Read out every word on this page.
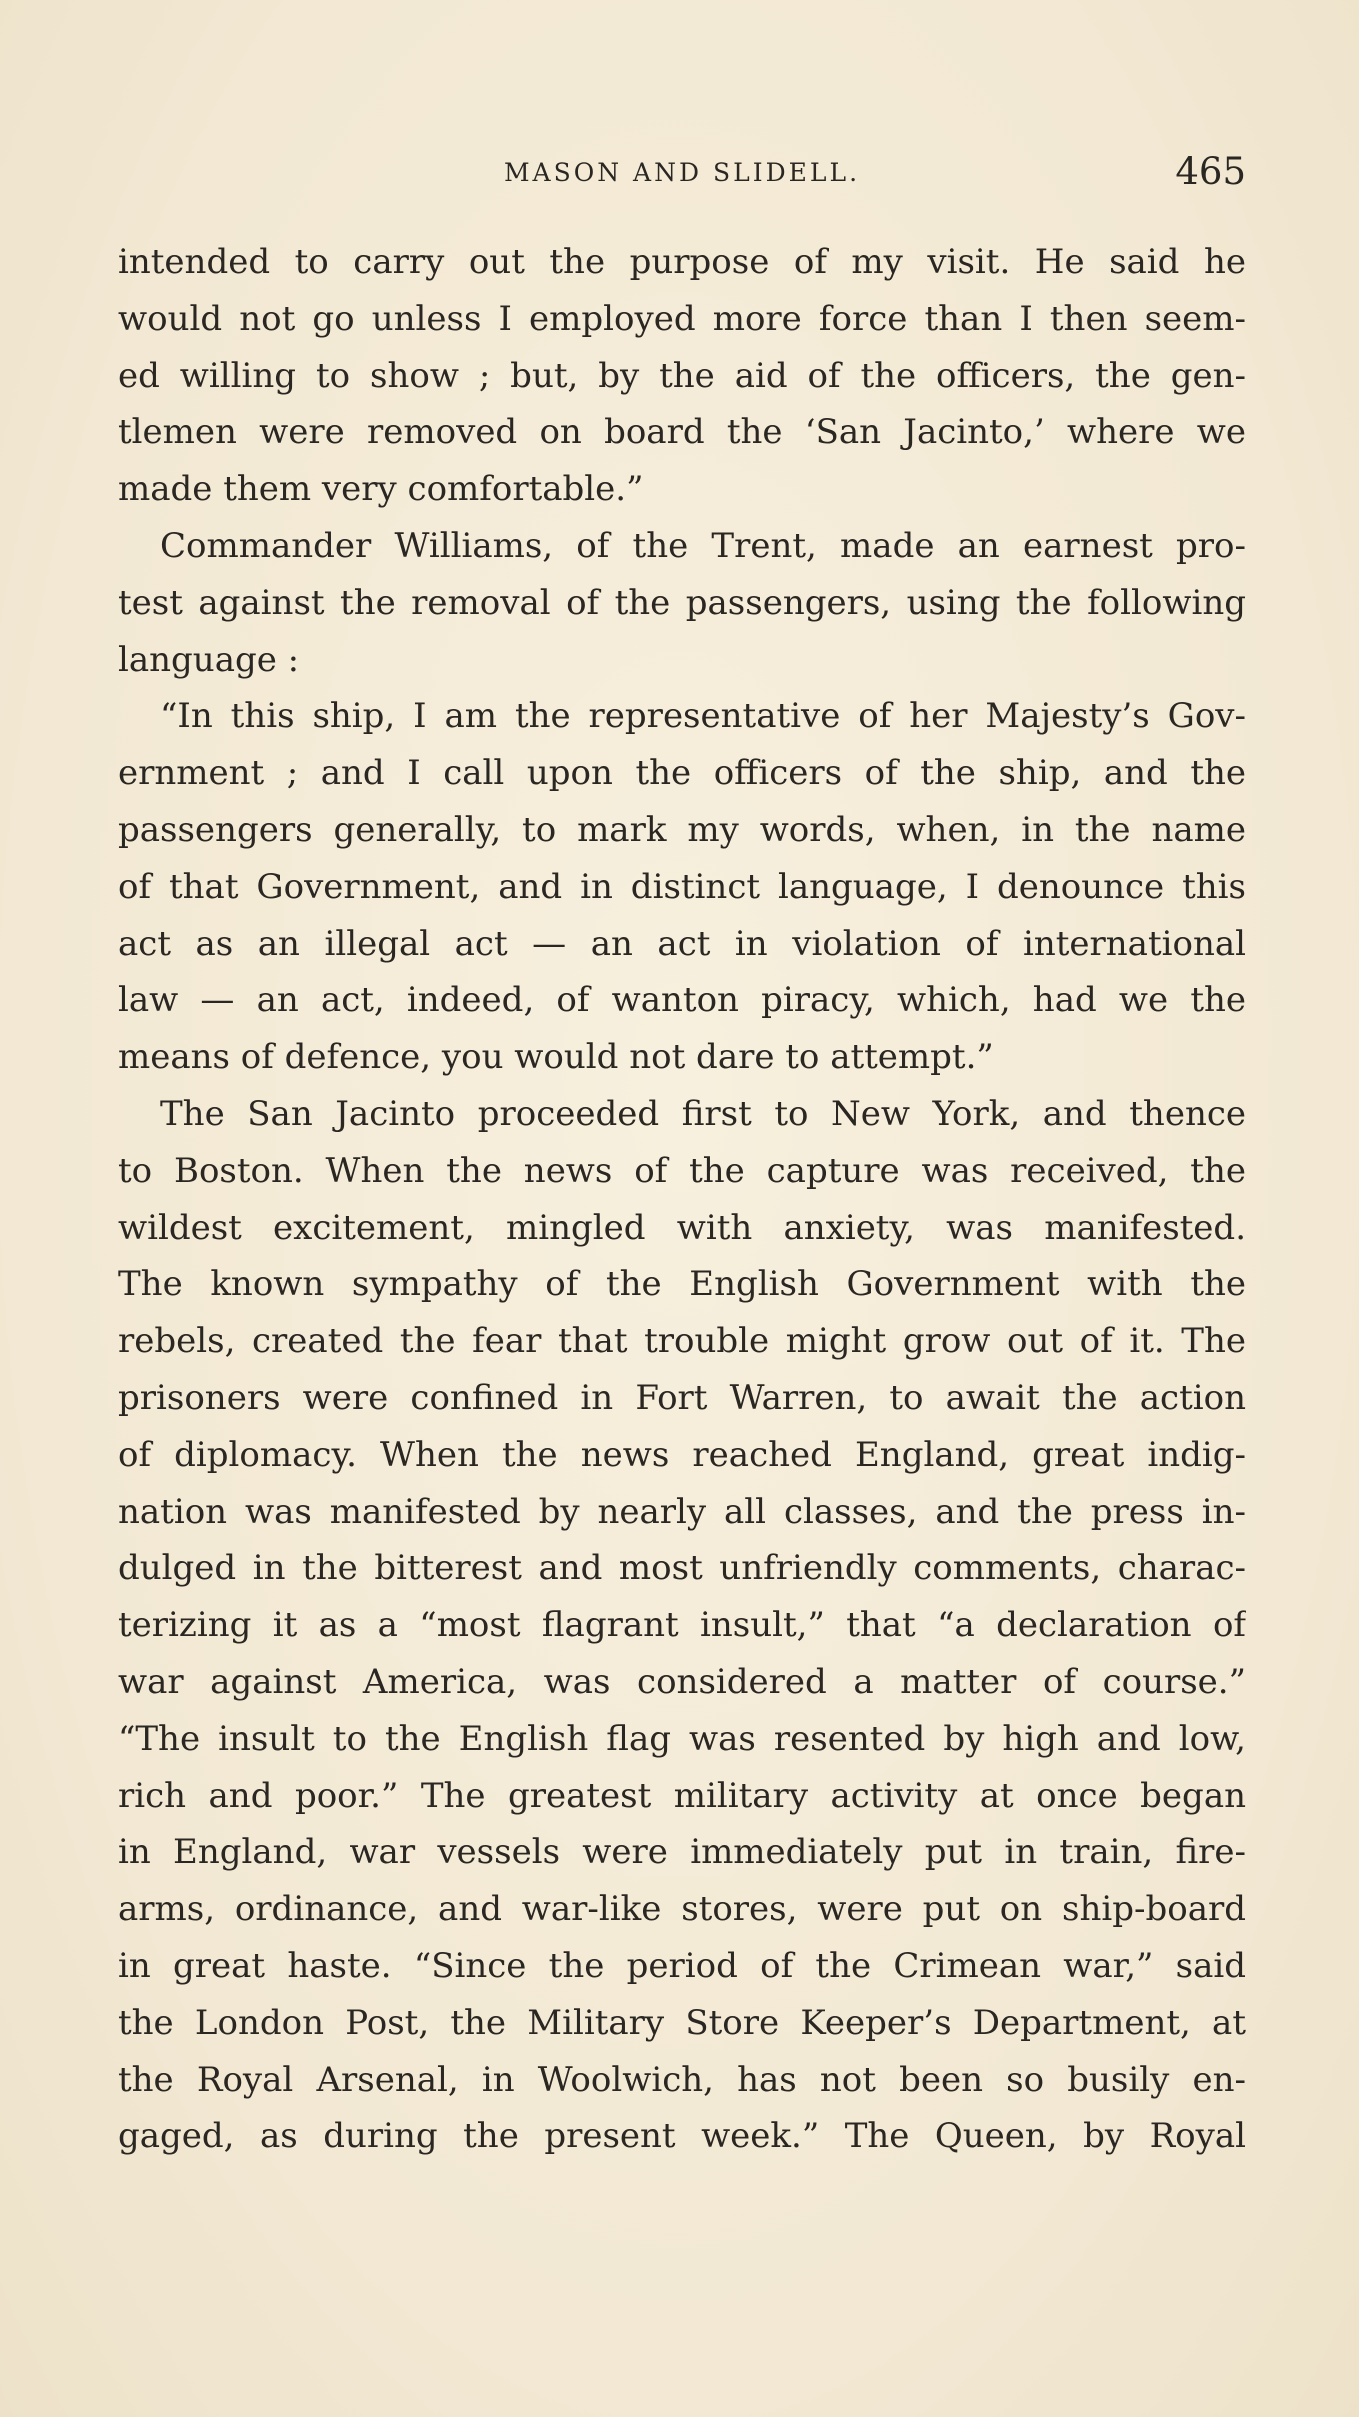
MASON AND SLIDELL.	465
intended to carry out the purpose of my visit. He said he
would not go unless I employed more force than I then seem-
ed willing to show ; but, by the aid of the officers, the gen-
tlemen were removed on board the ‘San Jacinto,’ where we
made them very comfortable.”
Commander Williams, of the Trent, made an earnest pro-
test against the removal of the passengers, using the following
language :
“In this ship, I am the representative of her Majesty’s Gov-
ernment ; and I call upon the officers of the ship, and the
passengers generally, to mark my words, when, in the name
of that Government, and in distinct language, I denounce this
act as an illegal act — an act in violation of international
law — an act, indeed, of wanton piracy, which, had we the
means of defence, you would not dare to attempt.”
The San Jacinto proceeded first to New York, and thence
to Boston. When the news of the capture was received, the
wildest excitement, mingled with anxiety, was manifested.
The known sympathy of the English Government with the
rebels, created the fear that trouble might grow out of it. The
prisoners were confined in Fort Warren, to await the action
of diplomacy. When the news reached England, great indig-
nation was manifested by nearly all classes, and the press in-
dulged in the bitterest and most unfriendly comments, charac-
terizing it as a “most flagrant insult,” that “a declaration of
war against America, was considered a matter of course.”
“The insult to the English flag was resented by high and low,
rich and poor.” The greatest military activity at once began
in England, war vessels were immediately put in train, fire-
arms, ordinance, and war-like stores, were put on ship-board
in great haste. “Since the period of the Crimean war,” said
the London Post, the Military Store Keeper’s Department, at
the Royal Arsenal, in Woolwich, has not been so busily en-
gaged, as during the present week.” The Queen, by Royal
